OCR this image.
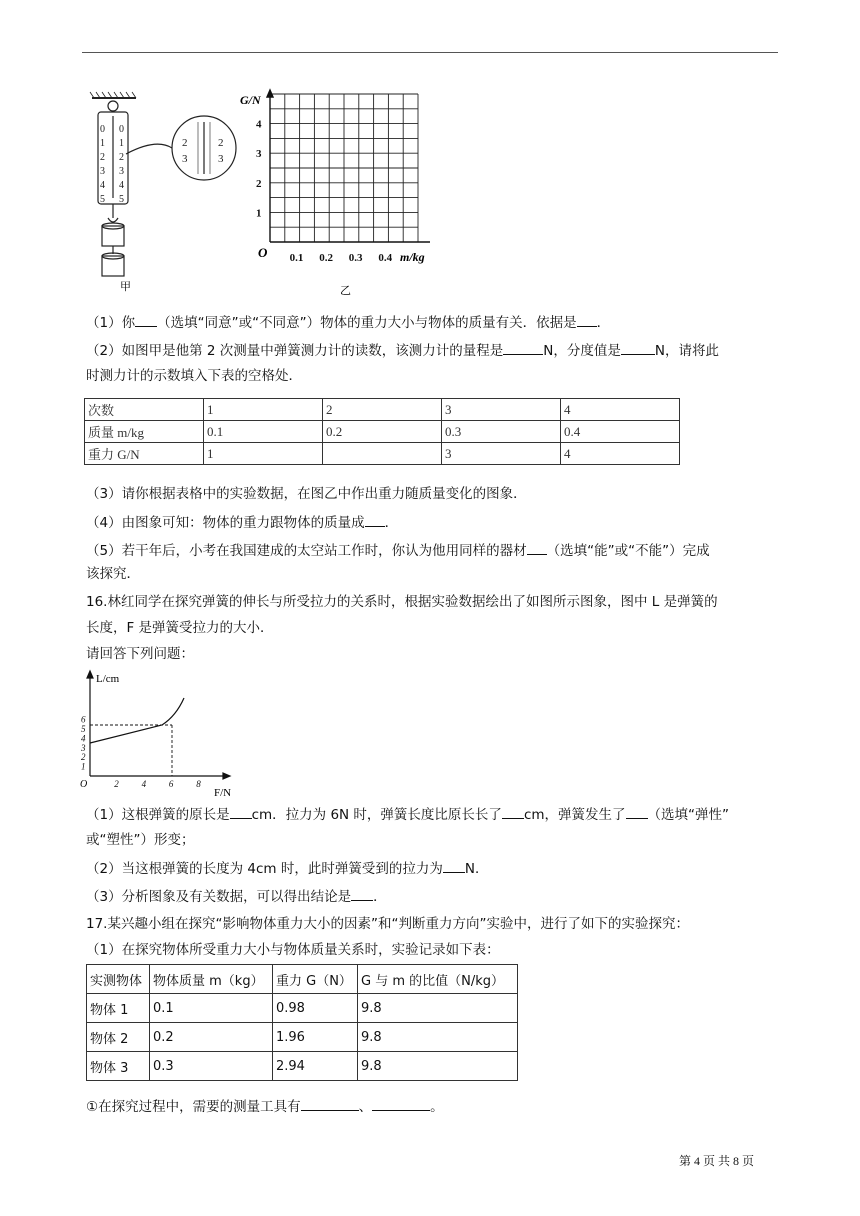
0 0
1 1
2 2
3 3
4 4
5 5
2	2
3	3
甲
G/N
O	m/kg
0.1 0.2 0.3 0.4
1
2
3
4
乙
（1）你 （选填“同意”或“不同意”）物体的重力大小与物体的质量有关．依据是 ．
（2）如图甲是他第 2 次测量中弹簧测力计的读数，该测力计的量程是	N，分度值是	N，请将此
时测力计的示数填入下表的空格处．
次数	1	2	3	4
质量 m/kg	0.1	0.2	0.3	0.4
重力 G/N	1		3	4
（3）请你根据表格中的实验数据，在图乙中作出重力随质量变化的图象．
（4）由图象可知：物体的重力跟物体的质量成 ．
（5）若干年后，小考在我国建成的太空站工作时，你认为他用同样的器材 （选填“能”或“不能”）完成
该探究．
16.林红同学在探究弹簧的伸长与所受拉力的关系时，根据实验数据绘出了如图所示图象，图中 L 是弹簧的
长度，F 是弹簧受拉力的大小．
请回答下列问题：
1
2
3
4
5
6
2	4	6	8
L/cm
O
F/N
（1）这根弹簧的原长是 cm．拉力为 6N 时，弹簧长度比原长长了 cm，弹簧发生了 （选填“弹性”
或“塑性”）形变；
（2）当这根弹簧的长度为 4cm 时，此时弹簧受到的拉力为 N．
（3）分析图象及有关数据，可以得出结论是 ．
17.某兴趣小组在探究“影响物体重力大小的因素”和“判断重力方向”实验中，进行了如下的实验探究：
（1）在探究物体所受重力大小与物体质量关系时，实验记录如下表：
实测物体	物体质量 m（kg）	重力 G（N）	G 与 m 的比值（N/kg）
物体 1	0.1	0.98	9.8
物体 2	0.2	1.96	9.8
物体 3	0.3	2.94	9.8
①在探究过程中，需要的测量工具有	、	。
第 4 页 共 8 页
